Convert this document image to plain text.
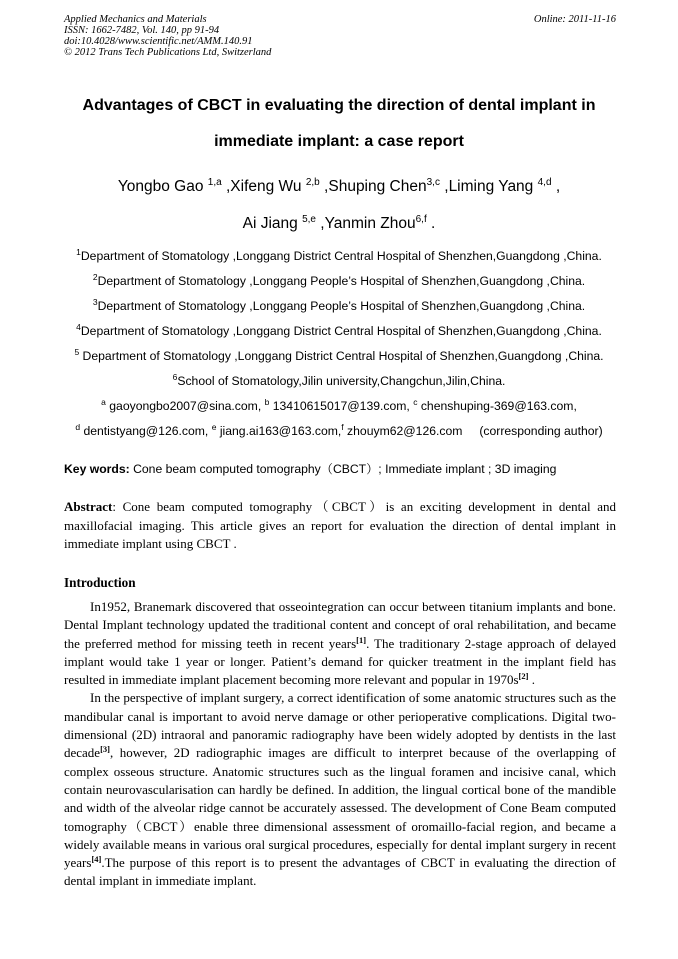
Applied Mechanics and Materials
ISSN: 1662-7482, Vol. 140, pp 91-94
doi:10.4028/www.scientific.net/AMM.140.91
© 2012 Trans Tech Publications Ltd, Switzerland
Online: 2011-11-16
Advantages of CBCT in evaluating the direction of dental implant in
immediate implant: a case report
Yongbo Gao $^{1,a}$ ,Xifeng Wu $^{2,b}$ ,Shuping Chen$^{3,c}$ ,Liming Yang $^{4,d}$ ,
Ai Jiang $^{5,e}$ ,Yanmin Zhou$^{6,f}$ .
$^1$Department of Stomatology ,Longgang District Central Hospital of Shenzhen,Guangdong ,China.
$^2$Department of Stomatology ,Longgang People’s Hospital of Shenzhen,Guangdong ,China.
$^3$Department of Stomatology ,Longgang People’s Hospital of Shenzhen,Guangdong ,China.
$^4$Department of Stomatology ,Longgang District Central Hospital of Shenzhen,Guangdong ,China.
$^5$ Department of Stomatology ,Longgang District Central Hospital of Shenzhen,Guangdong ,China.
$^6$School of Stomatology,Jilin university,Changchun,Jilin,China.
$^a$ gaoyongbo2007@sina.com, $^b$ 13410615017@139.com, $^c$ chenshuping-369@163.com,
$^d$ dentistyang@126.com, $^e$ jiang.ai163@163.com,$^f$ zhouym62@126.com     (corresponding author)
Key words: Cone beam computed tomography（CBCT）; Immediate implant ; 3D imaging
Abstract: Cone beam computed tomography（CBCT）is an exciting development in dental and maxillofacial imaging. This article gives an report for evaluation the direction of dental implant in immediate implant using CBCT .
Introduction

In1952, Branemark discovered that osseointegration can occur between titanium implants and bone. Dental Implant technology updated the traditional content and concept of oral rehabilitation, and became the preferred method for missing teeth in recent years[1]. The traditionary 2-stage approach of delayed implant would take 1 year or longer. Patient’s demand for quicker treatment in the implant field has resulted in immediate implant placement becoming more relevant and popular in 1970s[2] .

In the perspective of implant surgery, a correct identification of some anatomic structures such as the mandibular canal is important to avoid nerve damage or other perioperative complications. Digital two-dimensional (2D) intraoral and panoramic radiography have been widely adopted by dentists in the last decade[3], however, 2D radiographic images are difficult to interpret because of the overlapping of complex osseous structure. Anatomic structures such as the lingual foramen and incisive canal, which contain neurovascularisation can hardly be defined. In addition, the lingual cortical bone of the mandible and width of the alveolar ridge cannot be accurately assessed. The development of Cone Beam computed tomography（CBCT）enable three dimensional assessment of oromaillo-facial region, and became a widely available means in various oral surgical procedures, especially for dental implant surgery in recent years[4].The purpose of this report is to present the advantages of CBCT in evaluating the direction of dental implant in immediate implant.
